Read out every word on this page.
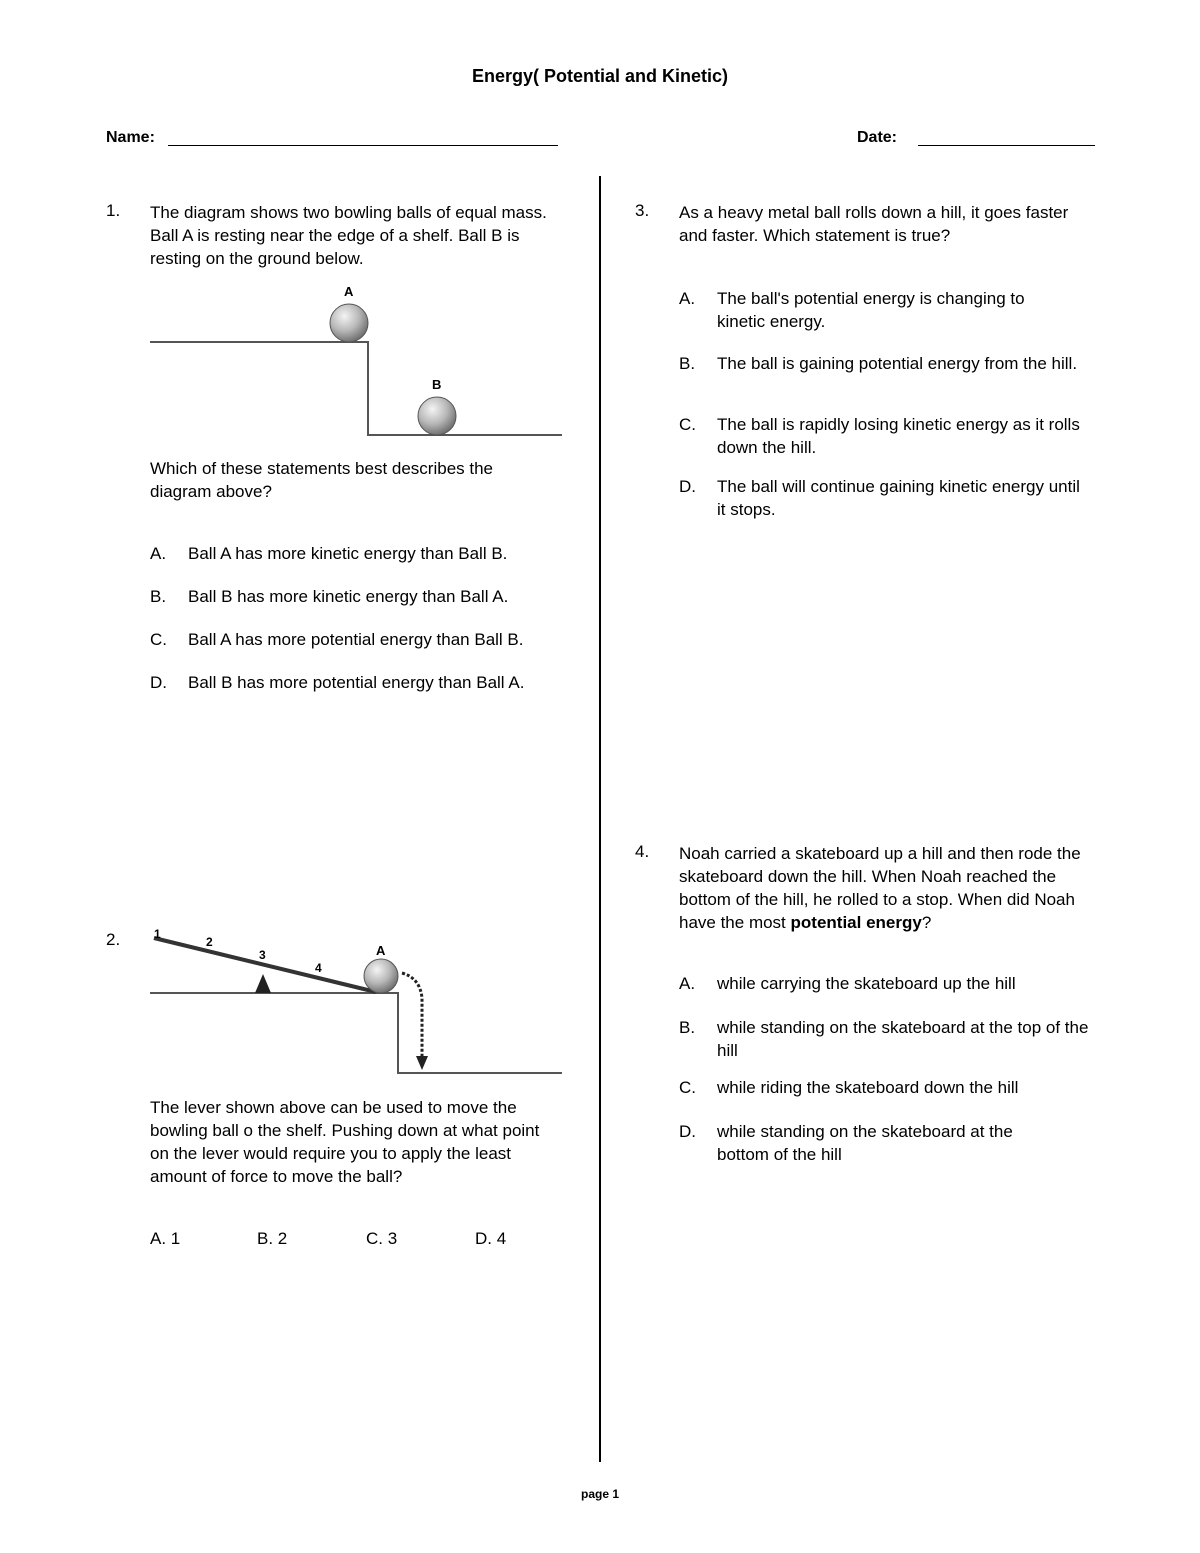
Energy( Potential and Kinetic)
Name:	Date:
1. The diagram shows two bowling balls of equal mass. Ball A is resting near the edge of a shelf. Ball B is resting on the ground below.
A
B
Which of these statements best describes the diagram above?
A. Ball A has more kinetic energy than Ball B.
B. Ball B has more kinetic energy than Ball A.
C. Ball A has more potential energy than Ball B.
D. Ball B has more potential energy than Ball A.
2.	1
2
3
4
A
The lever shown above can be used to move the bowling ball o the shelf. Pushing down at what point on the lever would require you to apply the least amount of force to move the ball?
A. 1	B. 2	C. 3	D. 4
3. As a heavy metal ball rolls down a hill, it goes faster and faster. Which statement is true?
A. The ball's potential energy is changing to kinetic energy.
B. The ball is gaining potential energy from the hill.
C. The ball is rapidly losing kinetic energy as it rolls down the hill.
D. The ball will continue gaining kinetic energy until it stops.
4. Noah carried a skateboard up a hill and then rode the skateboard down the hill. When Noah reached the bottom of the hill, he rolled to a stop. When did Noah have the most potential energy?
A. while carrying the skateboard up the hill
B. while standing on the skateboard at the top of the hill
C. while riding the skateboard down the hill
D. while standing on the skateboard at the bottom of the hill
page 1
